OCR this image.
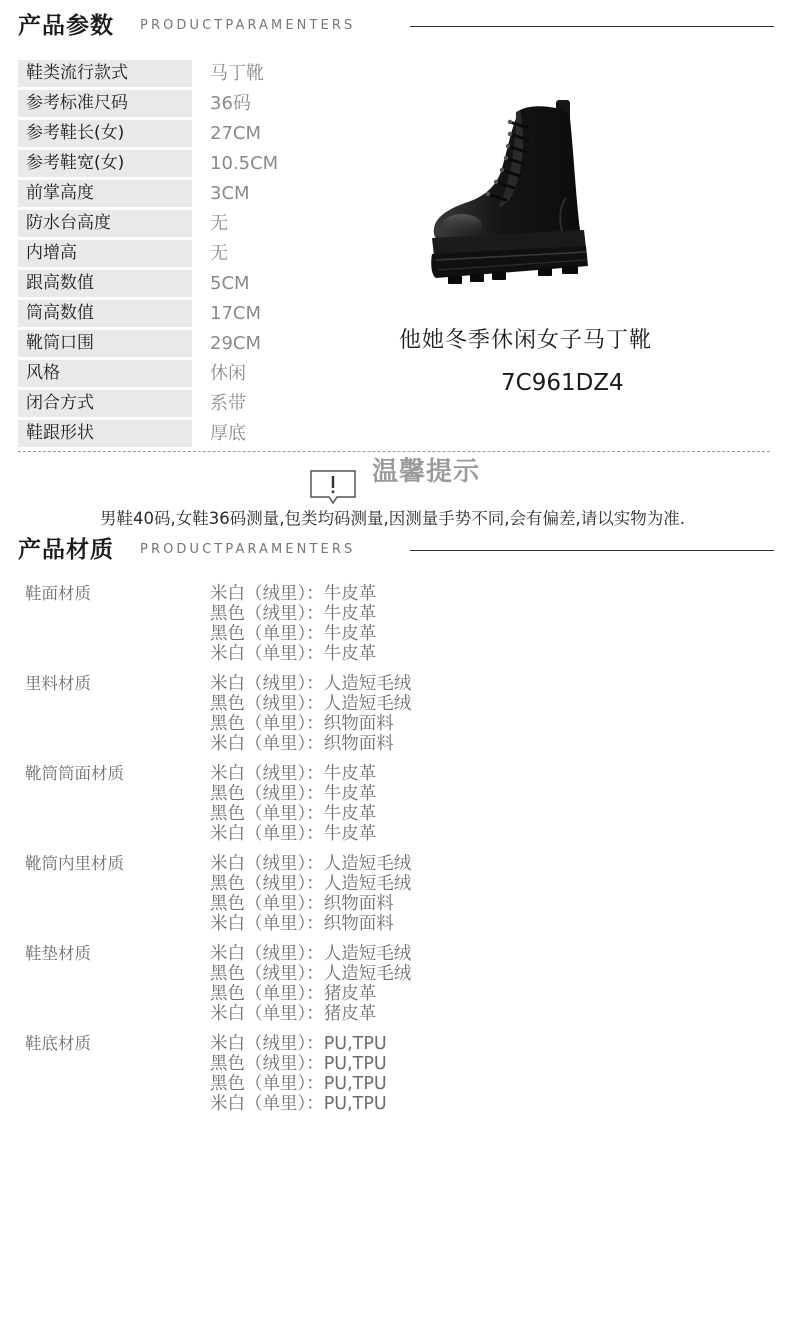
产品参数 PRODUCTPARAMENTERS
鞋类流行款式	马丁靴
参考标准尺码	36码
参考鞋长(女)	27CM
参考鞋宽(女)	10.5CM
前掌高度	3CM
防水台高度	无
内增高	无
跟高数值	5CM
筒高数值	17CM
靴筒口围	29CM
风格	休闲
闭合方式	系带
鞋跟形状	厚底
他她冬季休闲女子马丁靴
7C961DZ4
温馨提示
男鞋40码,女鞋36码测量,包类均码测量,因测量手势不同,会有偏差,请以实物为准.
产品材质 PRODUCTPARAMENTERS
鞋面材质	米白（绒里）：牛皮革
黑色（绒里）：牛皮革
黑色（单里）：牛皮革
米白（单里）：牛皮革
里料材质	米白（绒里）：人造短毛绒
黑色（绒里）：人造短毛绒
黑色（单里）：织物面料
米白（单里）：织物面料
靴筒筒面材质	米白（绒里）：牛皮革
黑色（绒里）：牛皮革
黑色（单里）：牛皮革
米白（单里）：牛皮革
靴筒内里材质	米白（绒里）：人造短毛绒
黑色（绒里）：人造短毛绒
黑色（单里）：织物面料
米白（单里）：织物面料
鞋垫材质	米白（绒里）：人造短毛绒
黑色（绒里）：人造短毛绒
黑色（单里）：猪皮革
米白（单里）：猪皮革
鞋底材质	米白（绒里）：PU,TPU
黑色（绒里）：PU,TPU
黑色（单里）：PU,TPU
米白（单里）：PU,TPU
